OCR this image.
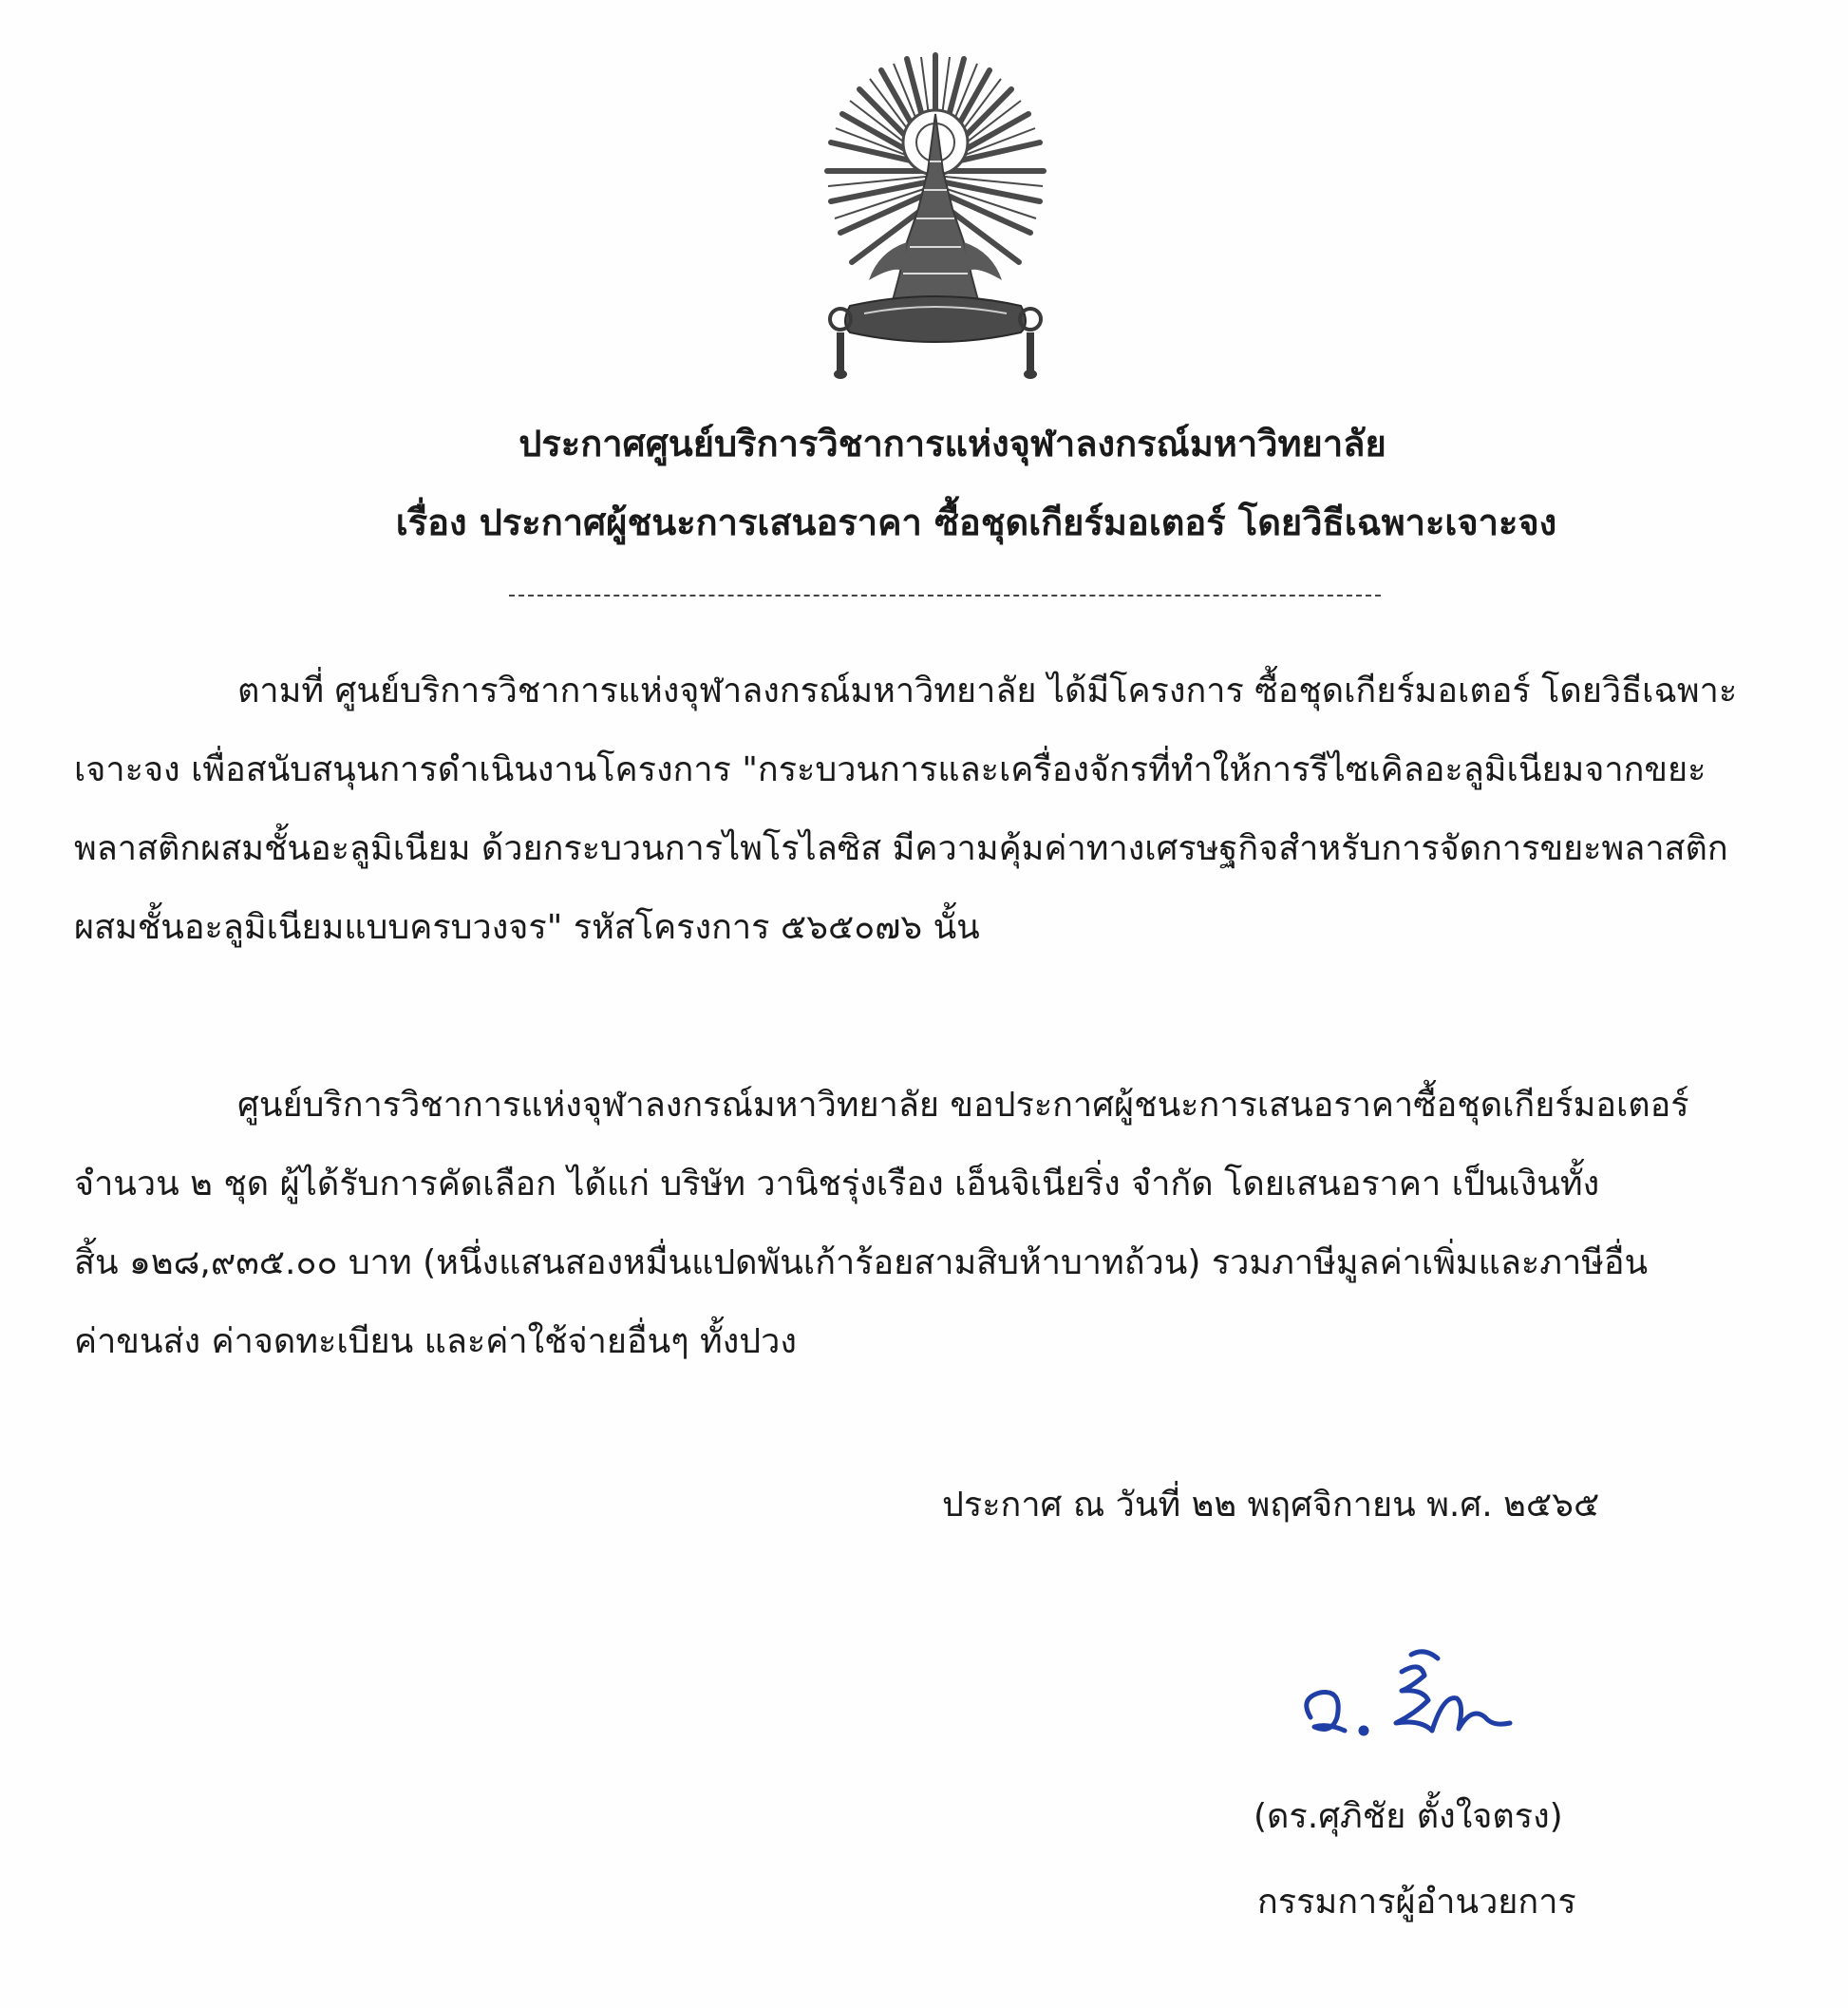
ประกาศศูนย์บริการวิชาการแห่งจุฬาลงกรณ์มหาวิทยาลัย
เรื่อง ประกาศผู้ชนะการเสนอราคา ซื้อชุดเกียร์มอเตอร์ โดยวิธีเฉพาะเจาะจง
ตามที่ ศูนย์บริการวิชาการแห่งจุฬาลงกรณ์มหาวิทยาลัย ได้มีโครงการ ซื้อชุดเกียร์มอเตอร์ โดยวิธีเฉพาะ
เจาะจง เพื่อสนับสนุนการดำเนินงานโครงการ "กระบวนการและเครื่องจักรที่ทำให้การรีไซเคิลอะลูมิเนียมจากขยะ
พลาสติกผสมชั้นอะลูมิเนียม ด้วยกระบวนการไพโรไลซิส มีความคุ้มค่าทางเศรษฐกิจสำหรับการจัดการขยะพลาสติก
ผสมชั้นอะลูมิเนียมแบบครบวงจร" รหัสโครงการ ๕๖๕๐๗๖ นั้น
ศูนย์บริการวิชาการแห่งจุฬาลงกรณ์มหาวิทยาลัย ขอประกาศผู้ชนะการเสนอราคาซื้อชุดเกียร์มอเตอร์
จำนวน ๒ ชุด ผู้ได้รับการคัดเลือก ได้แก่ บริษัท วานิชรุ่งเรือง เอ็นจิเนียริ่ง จำกัด โดยเสนอราคา เป็นเงินทั้ง
สิ้น ๑๒๘,๙๓๕.๐๐ บาท (หนึ่งแสนสองหมื่นแปดพันเก้าร้อยสามสิบห้าบาทถ้วน) รวมภาษีมูลค่าเพิ่มและภาษีอื่น
ค่าขนส่ง ค่าจดทะเบียน และค่าใช้จ่ายอื่นๆ ทั้งปวง
ประกาศ ณ วันที่ ๒๒ พฤศจิกายน พ.ศ. ๒๕๖๕
(ดร.ศุภิชัย ตั้งใจตรง)
กรรมการผู้อำนวยการ
